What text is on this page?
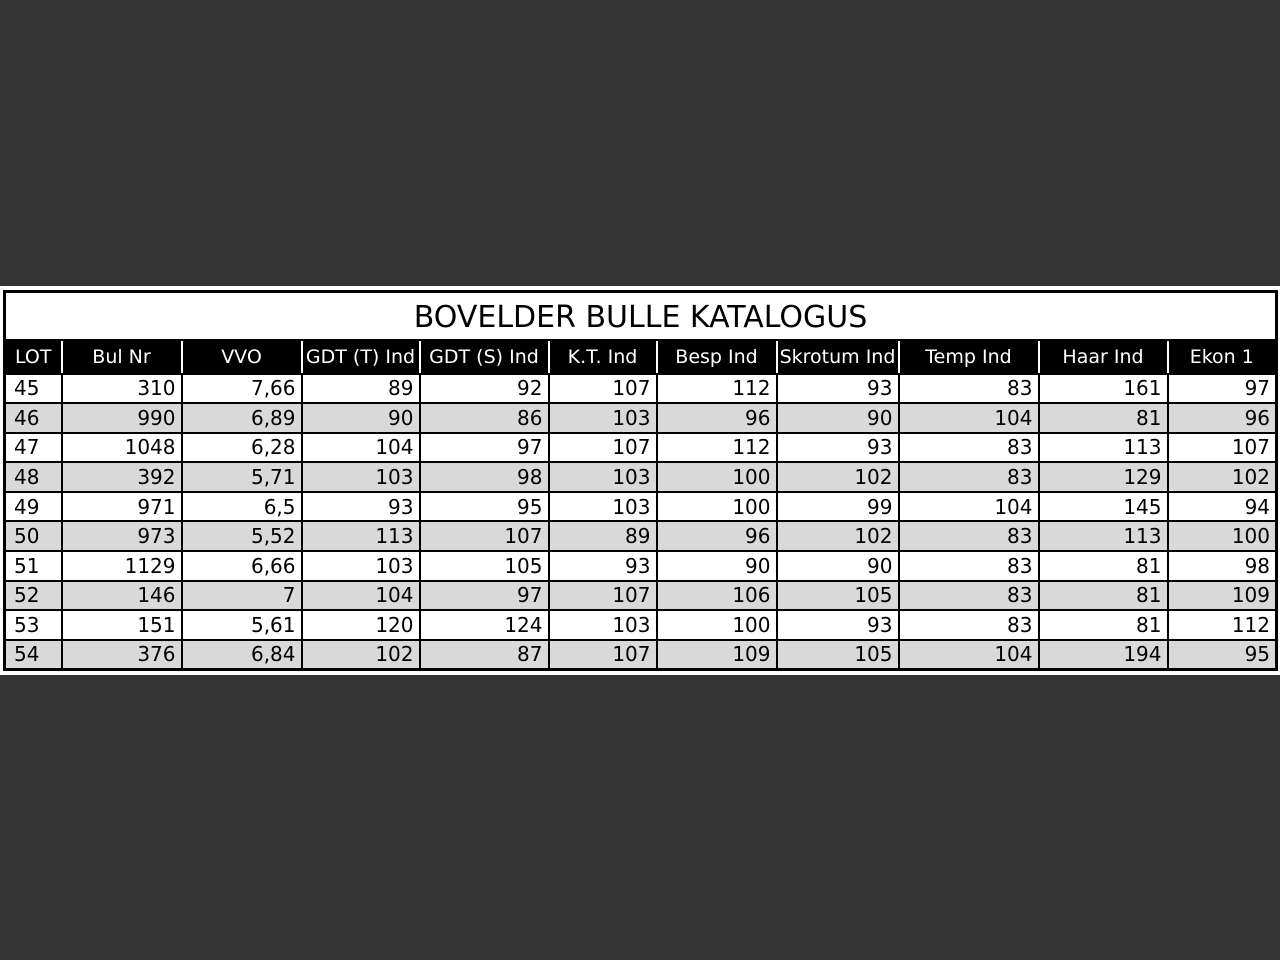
BOVELDER BULLE KATALOGUS										
LOT	Bul Nr	VVO	GDT (T) Ind	GDT (S) Ind	K.T. Ind	Besp Ind	Skrotum Ind	Temp Ind	Haar Ind	Ekon 1
45	310	7,66	89	92	107	112	93	83	161	97
46	990	6,89	90	86	103	96	90	104	81	96
47	1048	6,28	104	97	107	112	93	83	113	107
48	392	5,71	103	98	103	100	102	83	129	102
49	971	6,5	93	95	103	100	99	104	145	94
50	973	5,52	113	107	89	96	102	83	113	100
51	1129	6,66	103	105	93	90	90	83	81	98
52	146	7	104	97	107	106	105	83	81	109
53	151	5,61	120	124	103	100	93	83	81	112
54	376	6,84	102	87	107	109	105	104	194	95
